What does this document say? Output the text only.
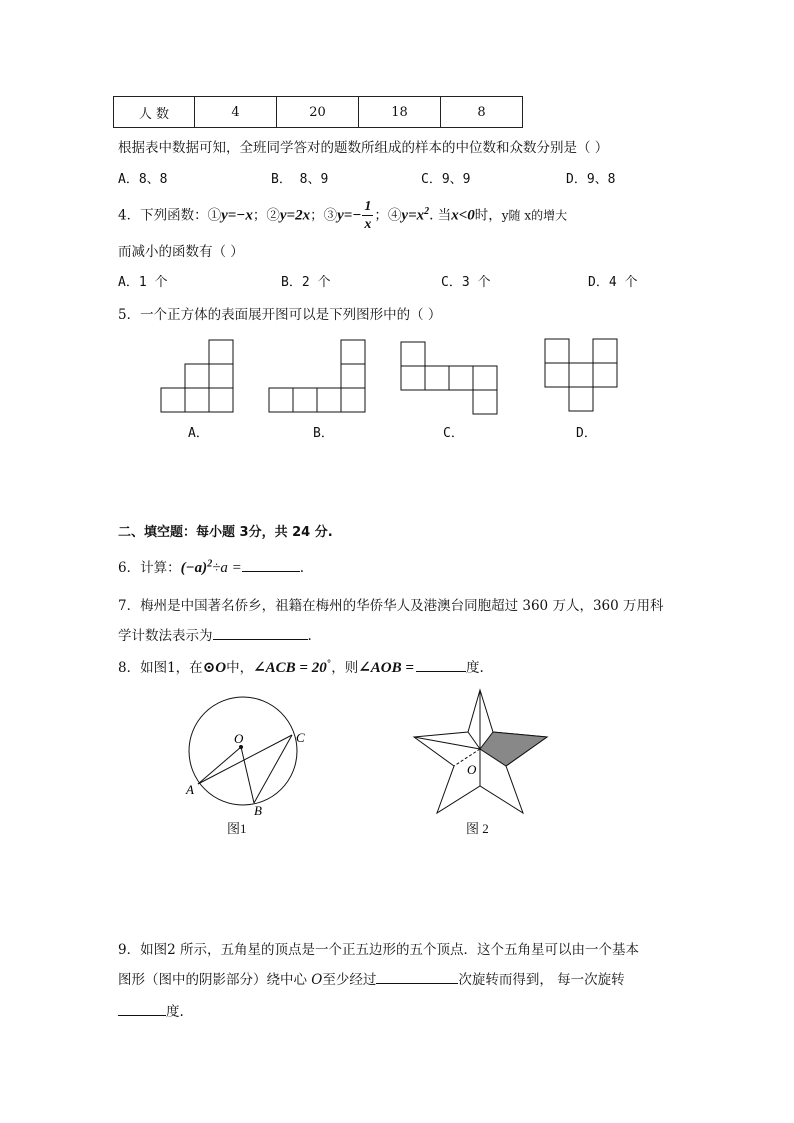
人 数	4	20	18	8
根据表中数据可知，全班同学答对的题数所组成的样本的中位数和众数分别是（ ）
A．8、8	B． 8、9	C．9、9	D．9、8
4．下列函数：①y=−x；②y=2x；③y=− $\frac{1}{x}$ ；$④y=x^2$. 当x<0时，y随 x的增大
而减小的函数有（ ）
A．1 个	B．2 个	C．3 个	D．4 个
5．一个正方体的表面展开图可以是下列图形中的（ ）
A．	B．	C．	D．
二、填空题：每小题 3分，共 24 分.
6．计算：$(-a)^2\div a$ =	.
7．梅州是中国著名侨乡，祖籍在梅州的华侨华人及港澳台同胞超过 360 万人，360 万用科
学计数法表示为	.
8．如图1，在⊙O中，∠ACB = 20°，则∠AOB =	度.
O
A
B
C
图1
O
图 2
9．如图2 所示，五角星的顶点是一个正五边形的五个顶点．这个五角星可以由一个基本
图形（图中的阴影部分）绕中心 O至少经过	次旋转而得到， 每一次旋转
度.
